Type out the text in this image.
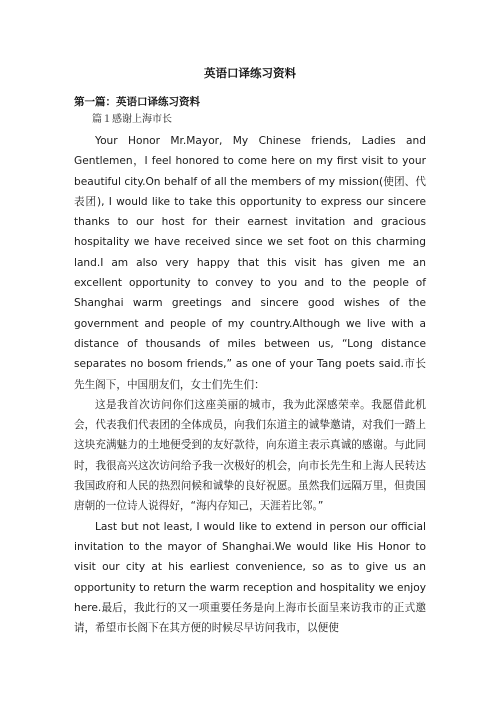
英语口译练习资料
第一篇：英语口译练习资料
篇１感谢上海市长

Your Honor Mr.Mayor, My Chinese friends, Ladies and Gentlemen，I feel honored to come here on my first visit to your beautiful city.On behalf of all the members of my mission(使团、代表团), I would like to take this opportunity to express our sincere thanks to our host for their earnest invitation and gracious hospitality we have received since we set foot on this charming land.I am also very happy that this visit has given me an excellent opportunity to convey to you and to the people of Shanghai warm greetings and sincere good wishes of the government and people of my country.Although we live with a distance of thousands of miles between us, “Long distance separates no bosom friends,” as one of your Tang poets said.市长先生阁下，中国朋友们，女士们先生们：

这是我首次访问你们这座美丽的城市，我为此深感荣幸。我愿借此机会，代表我们代表团的全体成员，向我们东道主的诚挚邀请，对我们一踏上这块充满魅力的土地便受到的友好款待，向东道主表示真诚的感谢。与此同时，我很高兴这次访问给予我一次极好的机会，向市长先生和上海人民转达我国政府和人民的热烈问候和诚挚的良好祝愿。虽然我们远隔万里，但贵国唐朝的一位诗人说得好，“海内存知己，天涯若比邻。”

Last but not least, I would like to extend in person our official invitation to the mayor of Shanghai.We would like His Honor to visit our city at his earliest convenience, so as to give us an opportunity to return the warm reception and hospitality we enjoy here.最后，我此行的又一项重要任务是向上海市长面呈来访我市的正式邀请，希望市长阁下在其方便的时候尽早访问我市，以便使
